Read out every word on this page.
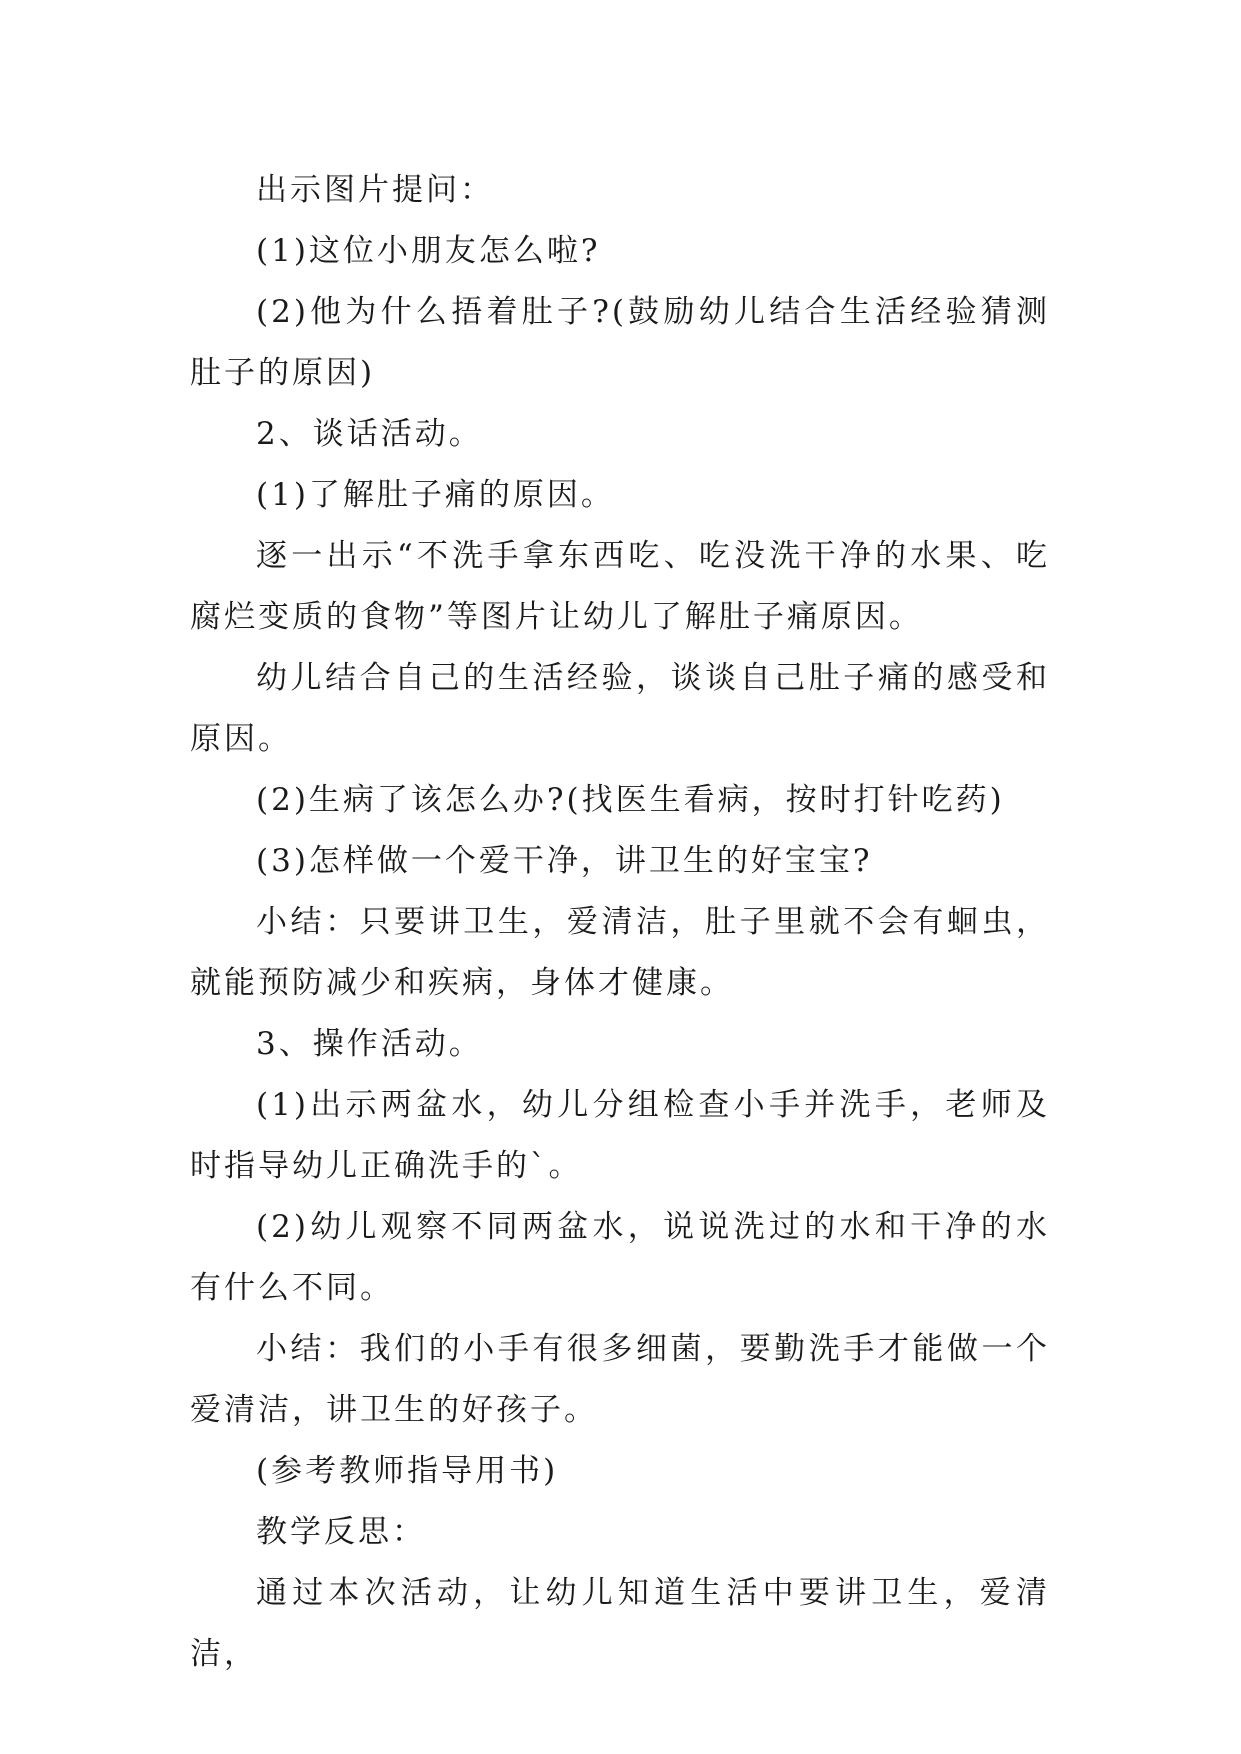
出示图片提问：

(1)这位小朋友怎么啦?

(2)他为什么捂着肚子?(鼓励幼儿结合生活经验猜测肚子的原因)

2、谈话活动。

(1)了解肚子痛的原因。

逐一出示“不洗手拿东西吃、吃没洗干净的水果、吃腐烂变质的食物”等图片让幼儿了解肚子痛原因。

幼儿结合自己的生活经验，谈谈自己肚子痛的感受和原因。

(2)生病了该怎么办?(找医生看病，按时打针吃药)

(3)怎样做一个爱干净，讲卫生的好宝宝?

小结：只要讲卫生，爱清洁，肚子里就不会有蛔虫，就能预防减少和疾病，身体才健康。

3、操作活动。

(1)出示两盆水，幼儿分组检查小手并洗手，老师及时指导幼儿正确洗手的`。

(2)幼儿观察不同两盆水，说说洗过的水和干净的水有什么不同。

小结：我们的小手有很多细菌，要勤洗手才能做一个爱清洁，讲卫生的好孩子。

(参考教师指导用书)

教学反思：

通过本次活动，让幼儿知道生活中要讲卫生，爱清洁，
